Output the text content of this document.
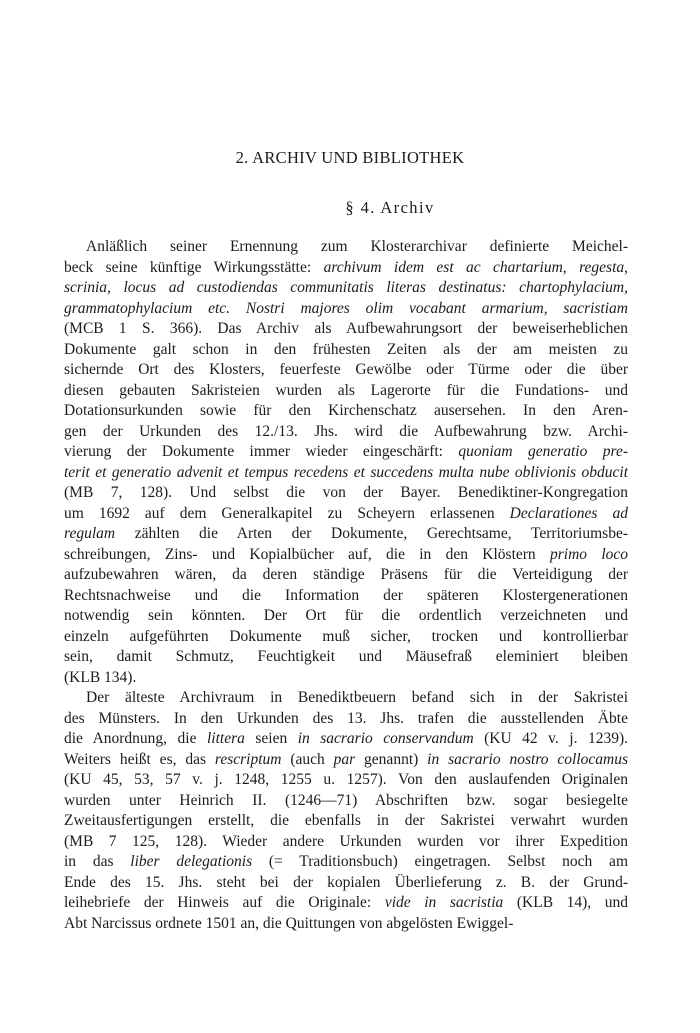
2. ARCHIV UND BIBLIOTHEK
§ 4. Archiv
Anläßlich seiner Ernennung zum Klosterarchivar definierte Meichel-
beck seine künftige Wirkungsstätte: archivum idem est ac chartarium, regesta,
scrinia, locus ad custodiendas communitatis literas destinatus: chartophylacium,
grammatophylacium etc. Nostri majores olim vocabant armarium, sacristiam
(MCB 1 S. 366). Das Archiv als Aufbewahrungsort der beweiserheblichen
Dokumente galt schon in den frühesten Zeiten als der am meisten zu
sichernde Ort des Klosters, feuerfeste Gewölbe oder Türme oder die über
diesen gebauten Sakristeien wurden als Lagerorte für die Fundations- und
Dotationsurkunden sowie für den Kirchenschatz ausersehen. In den Aren-
gen der Urkunden des 12./13. Jhs. wird die Aufbewahrung bzw. Archi-
vierung der Dokumente immer wieder eingeschärft: quoniam generatio pre-
terit et generatio advenit et tempus recedens et succedens multa nube oblivionis obducit
(MB 7, 128). Und selbst die von der Bayer. Benediktiner-Kongregation
um 1692 auf dem Generalkapitel zu Scheyern erlassenen Declarationes ad
regulam zählten die Arten der Dokumente, Gerechtsame, Territoriumsbe-
schreibungen, Zins- und Kopialbücher auf, die in den Klöstern primo loco
aufzubewahren wären, da deren ständige Präsens für die Verteidigung der
Rechtsnachweise und die Information der späteren Klostergenerationen
notwendig sein könnten. Der Ort für die ordentlich verzeichneten und
einzeln aufgeführten Dokumente muß sicher, trocken und kontrollierbar
sein, damit Schmutz, Feuchtigkeit und Mäusefraß eleminiert bleiben
(KLB 134).
Der älteste Archivraum in Benediktbeuern befand sich in der Sakristei
des Münsters. In den Urkunden des 13. Jhs. trafen die ausstellenden Äbte
die Anordnung, die littera seien in sacrario conservandum (KU 42 v. j. 1239).
Weiters heißt es, das rescriptum (auch par genannt) in sacrario nostro collocamus
(KU 45, 53, 57 v. j. 1248, 1255 u. 1257). Von den auslaufenden Originalen
wurden unter Heinrich II. (1246—71) Abschriften bzw. sogar besiegelte
Zweitausfertigungen erstellt, die ebenfalls in der Sakristei verwahrt wurden
(MB 7 125, 128). Wieder andere Urkunden wurden vor ihrer Expedition
in das liber delegationis (= Traditionsbuch) eingetragen. Selbst noch am
Ende des 15. Jhs. steht bei der kopialen Überlieferung z. B. der Grund-
leihebriefe der Hinweis auf die Originale: vide in sacristia (KLB 14), und
Abt Narcissus ordnete 1501 an, die Quittungen von abgelösten Ewiggel-
